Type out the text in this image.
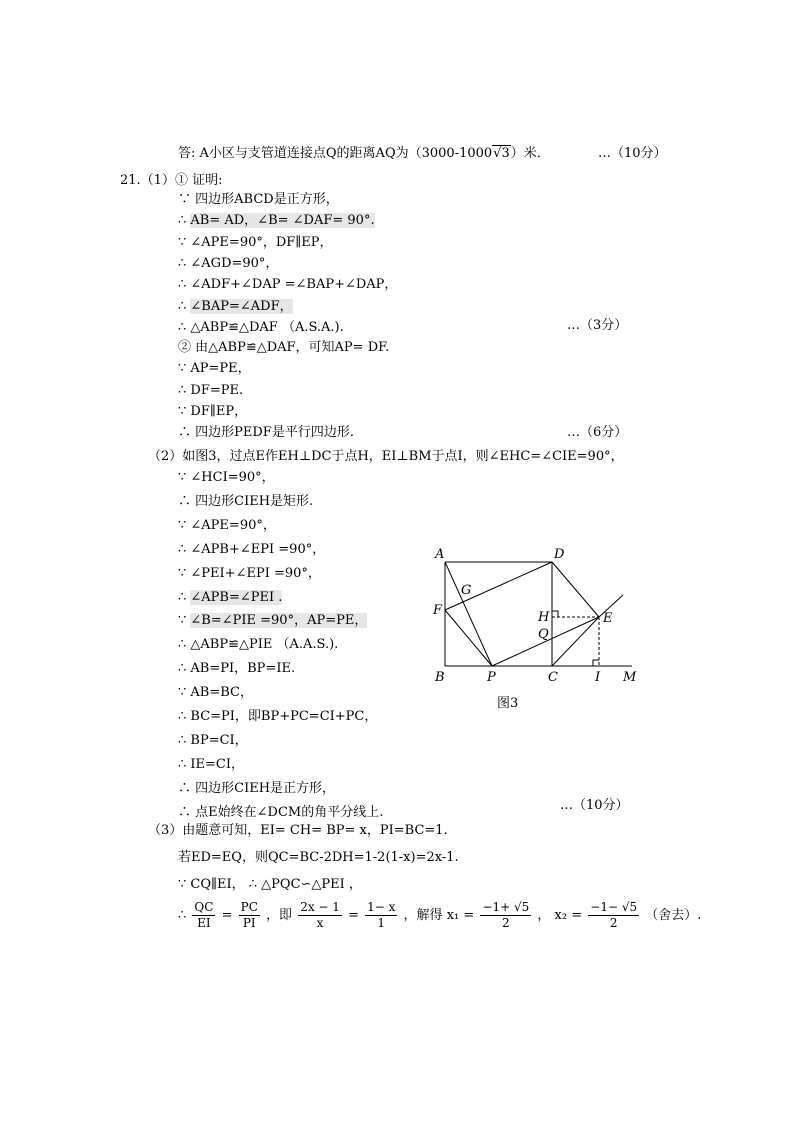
答: A小区与支管道连接点Q的距离AQ为（3000-1000√3）米．	…（10分）
21.（1）① 证明:
∵ 四边形ABCD是正方形，
∴ AB= AD，∠B= ∠DAF= 90°.
∵ ∠APE=90°，DF∥EP，
∴ ∠AGD=90°，
∴ ∠ADF+∠DAP =∠BAP+∠DAP，
∴ ∠BAP=∠ADF，
∴ △ABP≌△DAF （A.S.A.).	…（3分）
② 由△ABP≌△DAF，可知AP= DF.
∵ AP=PE，
∴ DF=PE.
∵ DF∥EP，
∴ 四边形PEDF是平行四边形.	…（6分）
（2）如图3，过点E作EH⊥DC于点H，EI⊥BM于点I，则∠EHC=∠CIE=90°，
∵ ∠HCI=90°，
∴ 四边形CIEH是矩形.
∵ ∠APE=90°，
∴ ∠APB+∠EPI =90°，
∵ ∠PEI+∠EPI =90°，
∴ ∠APB=∠PEI .
∵ ∠B=∠PIE =90°，AP=PE，
∴ △ABP≌△PIE （A.A.S.).
∴ AB=PI，BP=IE.
∵ AB=BC，
∴ BC=PI，即BP+PC=CI+PC，
∴ BP=CI，
∴ IE=CI，
∴ 四边形CIEH是正方形，
∴ 点E始终在∠DCM的角平分线上.	…（10分）
A	D
G
F	H
Q
E
B	P	C	I M
图3
（3）由题意可知，EI= CH= BP= x，PI=BC=1.
若ED=EQ，则QC=BC-2DH=1-2(1-x)=2x-1.
∵ CQ∥EI， ∴ △PQC∽△PEI ，
∴ $\frac{QC}{EI} = \frac{PC}{PI}$ ，即 $\frac{2x - 1}{x} = \frac{1- x}{1}$ ，解得 $x_1 = \frac{-1+ √5}{2}$ ， $x_2 = \frac{-1- √5}{2}$ （舍去）.
